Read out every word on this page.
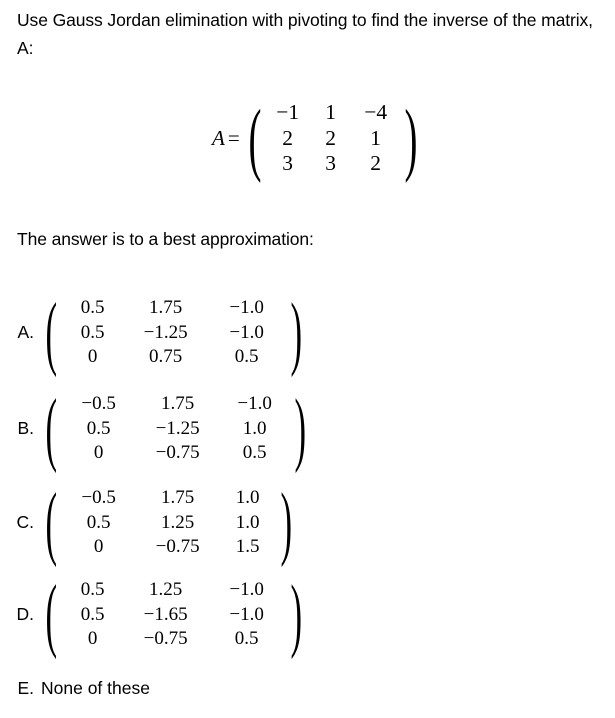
Use Gauss Jordan elimination with pivoting to find the inverse of the matrix, A:
A = ( −1	1	−4
2	2	1
3	3	2 )
The answer is to a best approximation:
A. (	0.5	1.75	−1.0
0.5	−1.25	−1.0
0	0.75	0.5 )
B. (	−0.5	1.75	−1.0
0.5	−1.25	1.0
0	−0.75	0.5 )
C. (	−0.5	1.75	1.0
0.5	1.25	1.0
0	−0.75	1.5 )
D. (	0.5	1.25	−1.0
0.5	−1.65	−1.0
0	−0.75	0.5 )
E. None of these
